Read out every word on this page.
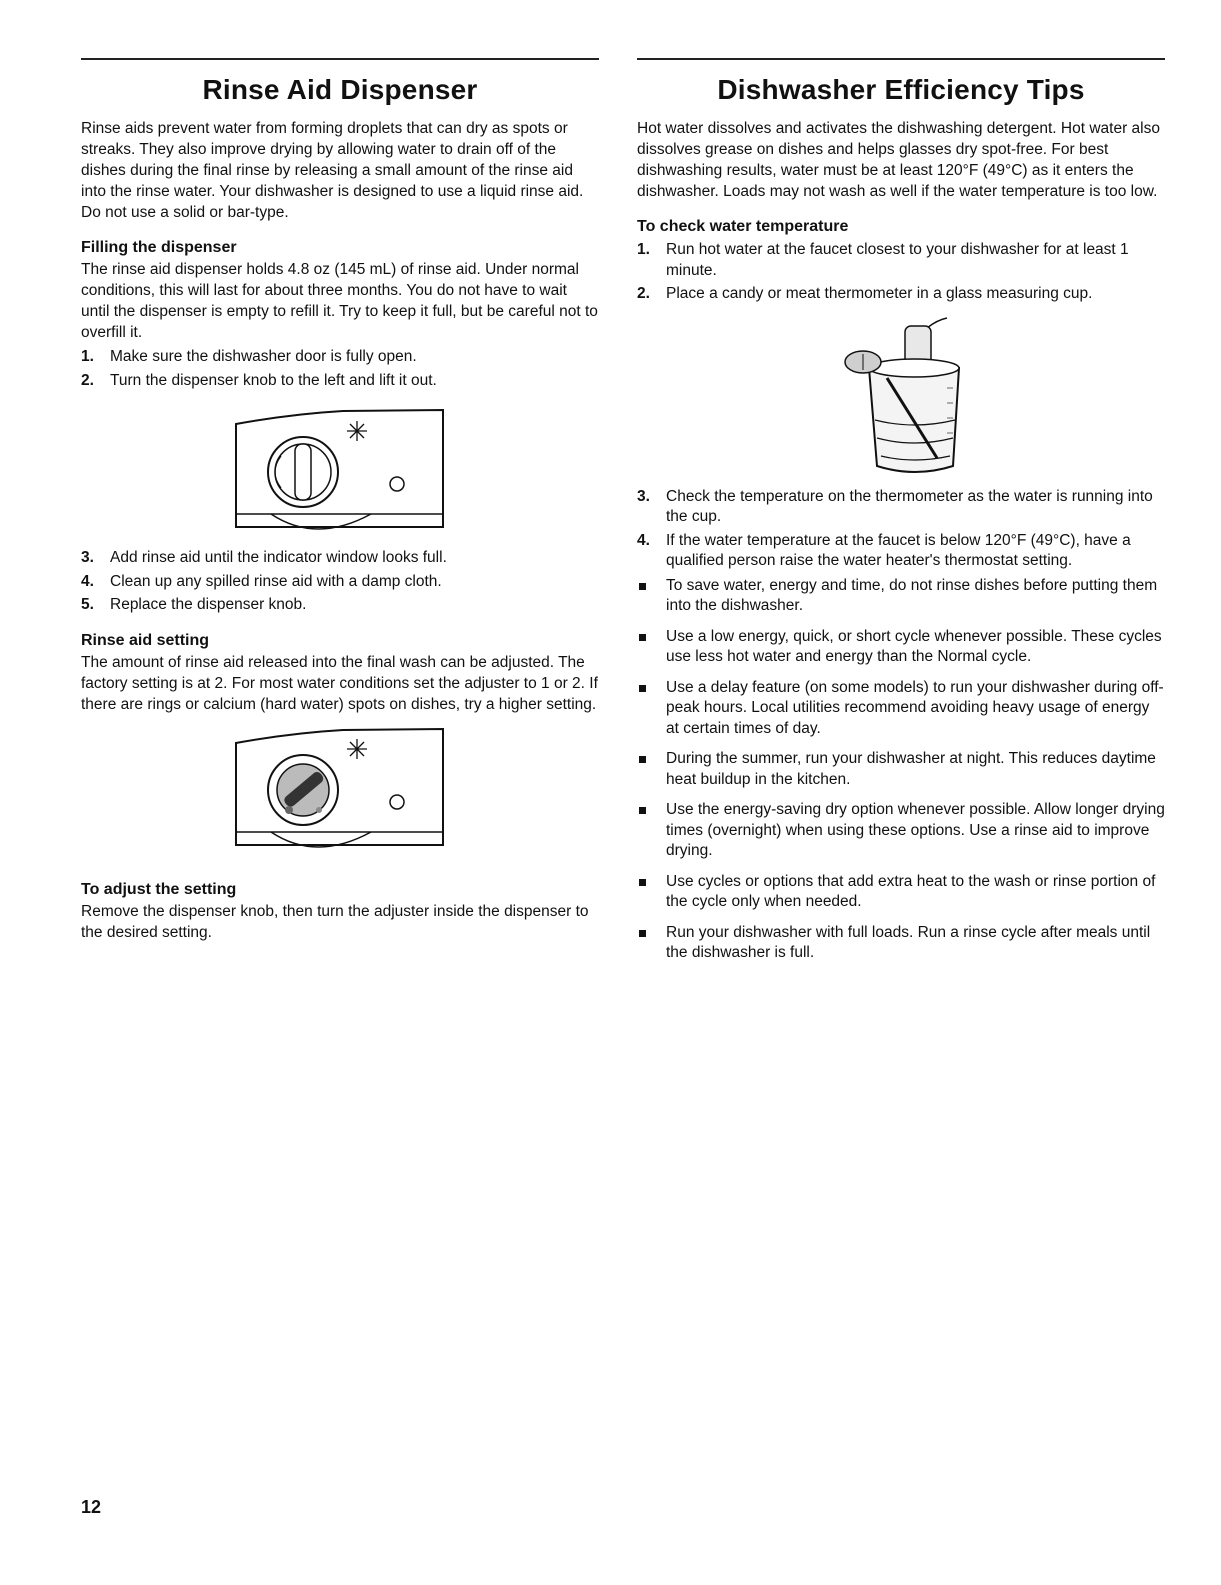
Rinse Aid Dispenser

Rinse aids prevent water from forming droplets that can dry as spots or streaks. They also improve drying by allowing water to drain off of the dishes during the final rinse by releasing a small amount of the rinse aid into the rinse water. Your dishwasher is designed to use a liquid rinse aid. Do not use a solid or bar-type.

Filling the dispenser

The rinse aid dispenser holds 4.8 oz (145 mL) of rinse aid. Under normal conditions, this will last for about three months. You do not have to wait until the dispenser is empty to refill it. Try to keep it full, but be careful not to overfill it.

1. Make sure the dishwasher door is fully open.
2. Turn the dispenser knob to the left and lift it out.
3. Add rinse aid until the indicator window looks full.
4. Clean up any spilled rinse aid with a damp cloth.
5. Replace the dispenser knob.
Rinse aid setting

The amount of rinse aid released into the final wash can be adjusted. The factory setting is at 2. For most water conditions set the adjuster to 1 or 2. If there are rings or calcium (hard water) spots on dishes, try a higher setting.

To adjust the setting

Remove the dispenser knob, then turn the adjuster inside the dispenser to the desired setting.

Dishwasher Efficiency Tips

Hot water dissolves and activates the dishwashing detergent. Hot water also dissolves grease on dishes and helps glasses dry spot-free. For best dishwashing results, water must be at least 120°F (49°C) as it enters the dishwasher. Loads may not wash as well if the water temperature is too low.

To check water temperature
1. Run hot water at the faucet closest to your dishwasher for at least 1 minute.
2. Place a candy or meat thermometer in a glass measuring cup.
3. Check the temperature on the thermometer as the water is running into the cup.
4. If the water temperature at the faucet is below 120°F (49°C), have a qualified person raise the water heater's thermostat setting.
To save water, energy and time, do not rinse dishes before putting them into the dishwasher.
Use a low energy, quick, or short cycle whenever possible. These cycles use less hot water and energy than the Normal cycle.
Use a delay feature (on some models) to run your dishwasher during off-peak hours. Local utilities recommend avoiding heavy usage of energy at certain times of day.
During the summer, run your dishwasher at night. This reduces daytime heat buildup in the kitchen.
Use the energy-saving dry option whenever possible. Allow longer drying times (overnight) when using these options. Use a rinse aid to improve drying.
Use cycles or options that add extra heat to the wash or rinse portion of the cycle only when needed.
Run your dishwasher with full loads. Run a rinse cycle after meals until the dishwasher is full.
12
